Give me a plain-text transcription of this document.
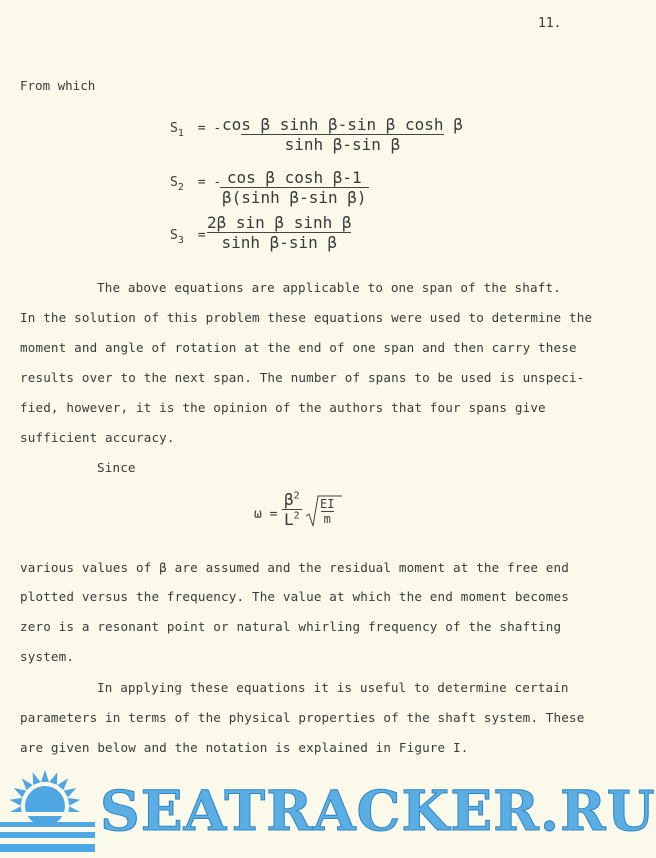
11.
From which
$S_1$ = -
$\frac{\text{cos β sinh β-sin β cosh β}}{\text{sinh β-sin β}}$
$S_2$ = -
$\frac{\text{cos β cosh β-1}}{\text{β(sinh β-sin β)}}$
$S_3 = \frac{\text{2β sin β sinh β}}{\text{sinh β-sin β}}$
The above equations are applicable to one span of the shaft.
In the solution of this problem these equations were used to determine the
moment and angle of rotation at the end of one span and then carry these
results over to the next span. The number of spans to be used is unspeci-
fied, however, it is the opinion of the authors that four spans give
sufficient accuracy.
Since
$\omega = \frac{\beta^2}{L^2} \frac{EI}{m}$
various values of β are assumed and the residual moment at the free end
plotted versus the frequency. The value at which the end moment becomes
zero is a resonant point or natural whirling frequency of the shafting
system.
In applying these equations it is useful to determine certain
parameters in terms of the physical properties of the shaft system. These
are given below and the notation is explained in Figure I.
SEATRACKER.RU
